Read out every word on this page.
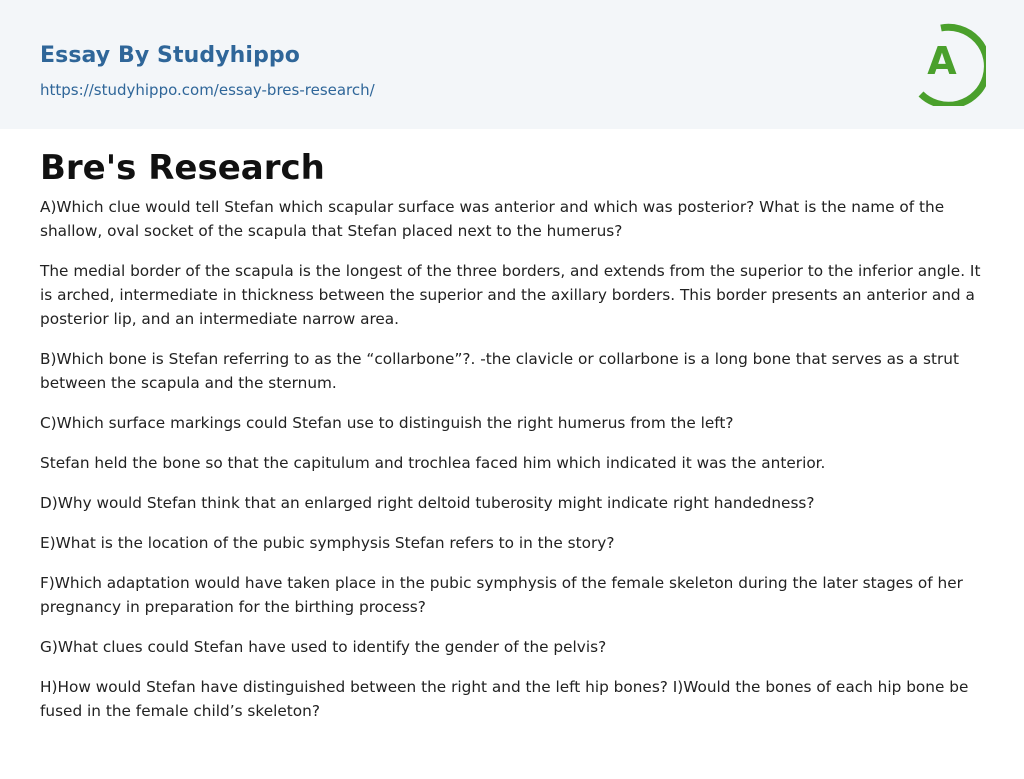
Essay By Studyhippo
https://studyhippo.com/essay-bres-research/
A
Bre's Research

A)Which clue would tell Stefan which scapular surface was anterior and which was posterior? What is the name of the shallow, oval socket of the scapula that Stefan placed next to the humerus?

The medial border of the scapula is the longest of the three borders, and extends from the superior to the inferior angle. It is arched, intermediate in thickness between the superior and the axillary borders. This border presents an anterior and a posterior lip, and an intermediate narrow area.

B)Which bone is Stefan referring to as the “collarbone”?. -the clavicle or collarbone is a long bone that serves as a strut between the scapula and the sternum.

C)Which surface markings could Stefan use to distinguish the right humerus from the left?

Stefan held the bone so that the capitulum and trochlea faced him which indicated it was the anterior.

D)Why would Stefan think that an enlarged right deltoid tuberosity might indicate right handedness?

E)What is the location of the pubic symphysis Stefan refers to in the story?

F)Which adaptation would have taken place in the pubic symphysis of the female skeleton during the later stages of her pregnancy in preparation for the birthing process?

G)What clues could Stefan have used to identify the gender of the pelvis?

H)How would Stefan have distinguished between the right and the left hip bones? I)Would the bones of each hip bone be fused in the female child’s skeleton?
